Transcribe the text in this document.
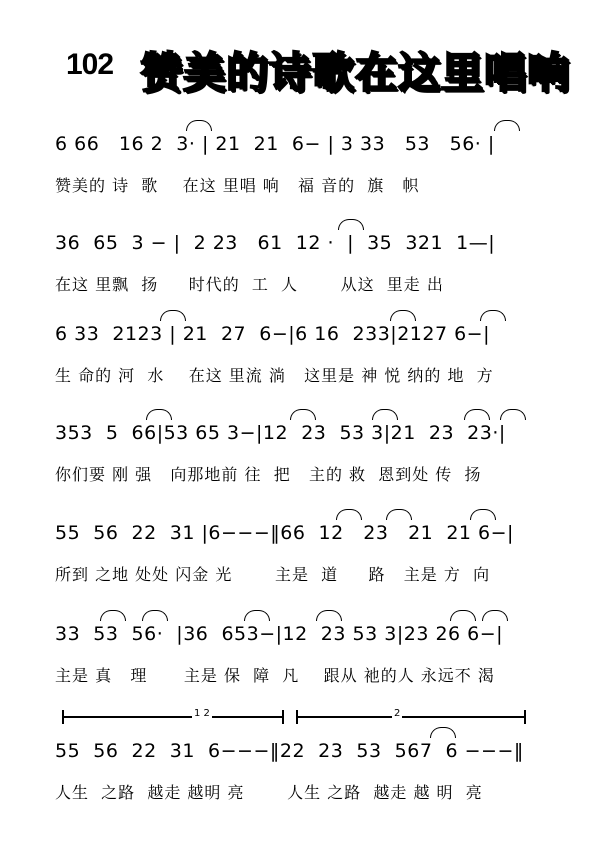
102 赞美的诗歌在这里唱响
6 66   16 2  3· | 21  21  6− | 3 33   53   56· |
赞美的 诗  歌    在这 里唱 响   福 音的  旗   帜
36  65  3 − |  2 23   61  12 ·  |  35  321  1—|
在这 里飘  扬     时代的  工  人       从这  里走 出
6 33  2123 | 21  27  6−|6 16  233|2127 6−|
生 命的 河  水    在这 里流 淌   这里是 神 悦 纳的 地  方
353  5  66|53 65 3−|12  23  53 3|21  23  23·|
你们要 刚 强   向那地前 往  把   主的 救  恩到处 传  扬
55  56  22  31 |6−−−‖66  12   23   21  21 6−|
所到 之地 处处 闪金 光       主是  道     路   主是 方  向
33  53  56·  |36  653−|12  23 53 3|23 26 6−|
主是 真   理      主是 保  障  凡    跟从 祂的人 永远不 渴
1 2	2
55  56  22  31  6−−−‖22  23  53  567  6 −−−‖
人生  之路  越走 越明 亮       人生 之路  越走 越 明  亮
